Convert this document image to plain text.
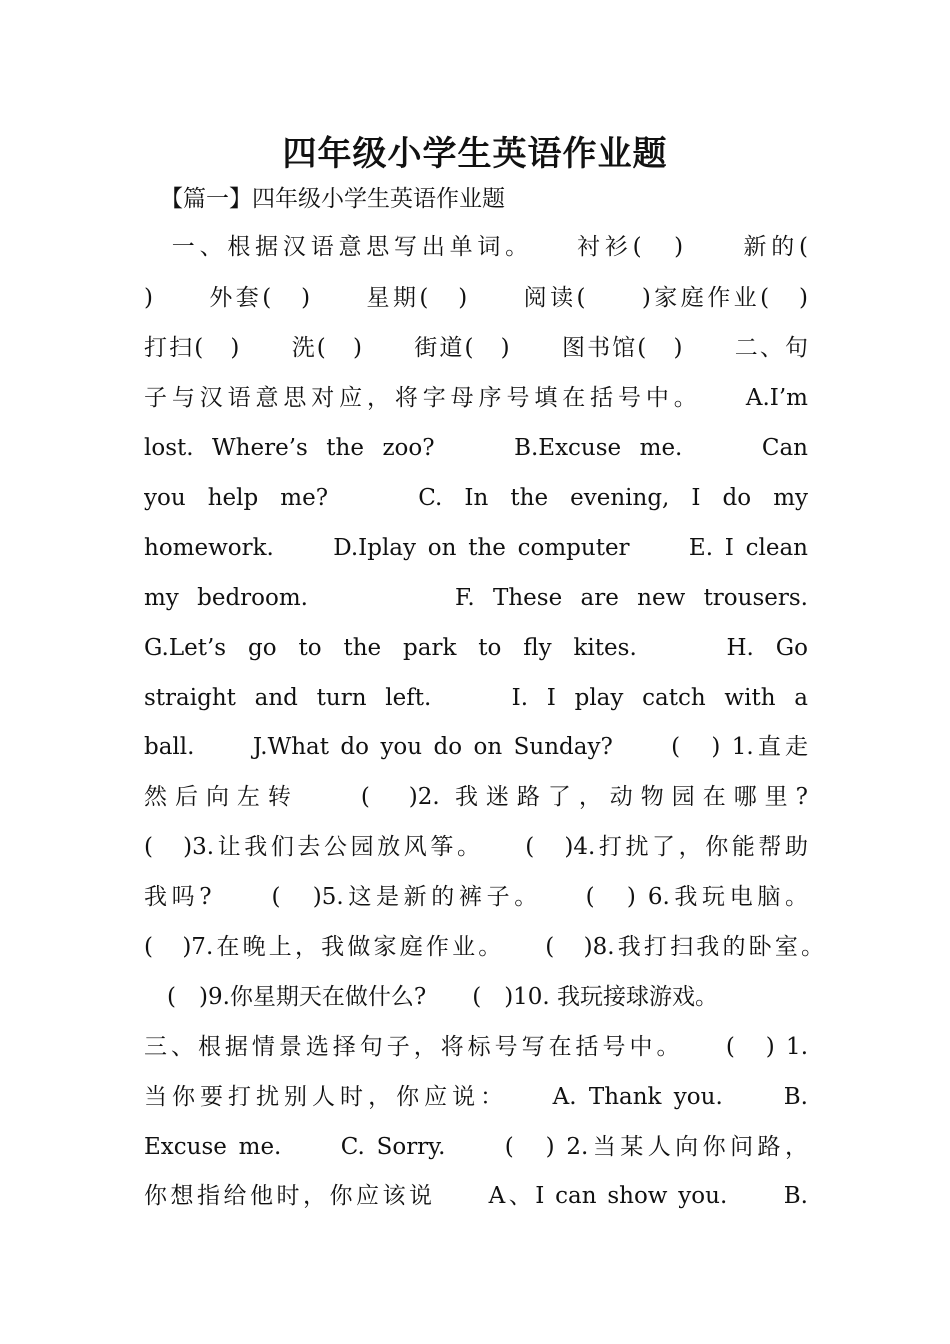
四年级小学生英语作业题
【篇一】四年级小学生英语作业题
　一、根据汉语意思写出单词。　　衬衫(　)　　新的(
)　　外套(　)　　星期(　)　　阅读(　　)家庭作业(　)
打扫(　)　　洗(　)　　街道(　)　　图书馆(　)　　二、句
子与汉语意思对应，将字母序号填在括号中。　　A.I’m
lost. Where’s the zoo?　　B.Excuse me.　　Can
you help me?　　C. In the evening, I do my
homework.　　D.Iplay on the computer　　E. I clean
my bedroom.　　　　F. These are new trousers.
G.Let’s go to the park to fly kites.　　H. Go
straight and turn left.　　I. I play catch with a
ball.　　J.What do you do on Sunday?　　(　) 1.直走
然后向左转　　(　)2. 我迷路了，动物园在哪里?
(　)3.让我们去公园放风筝。　　(　)4.打扰了，你能帮助
我吗?　　(　)5.这是新的裤子。　　(　) 6.我玩电脑。
(　)7.在晚上，我做家庭作业。　　(　)8.我打扫我的卧室。
　(　)9.你星期天在做什么?　　(　)10. 我玩接球游戏。
三、根据情景选择句子，将标号写在括号中。　　(　) 1.
当你要打扰别人时，你应说：　　A. Thank you.　　B.
Excuse me.　　C. Sorry.　　(　) 2.当某人向你问路，
你想指给他时，你应该说　　A、I can show you.　　B.
